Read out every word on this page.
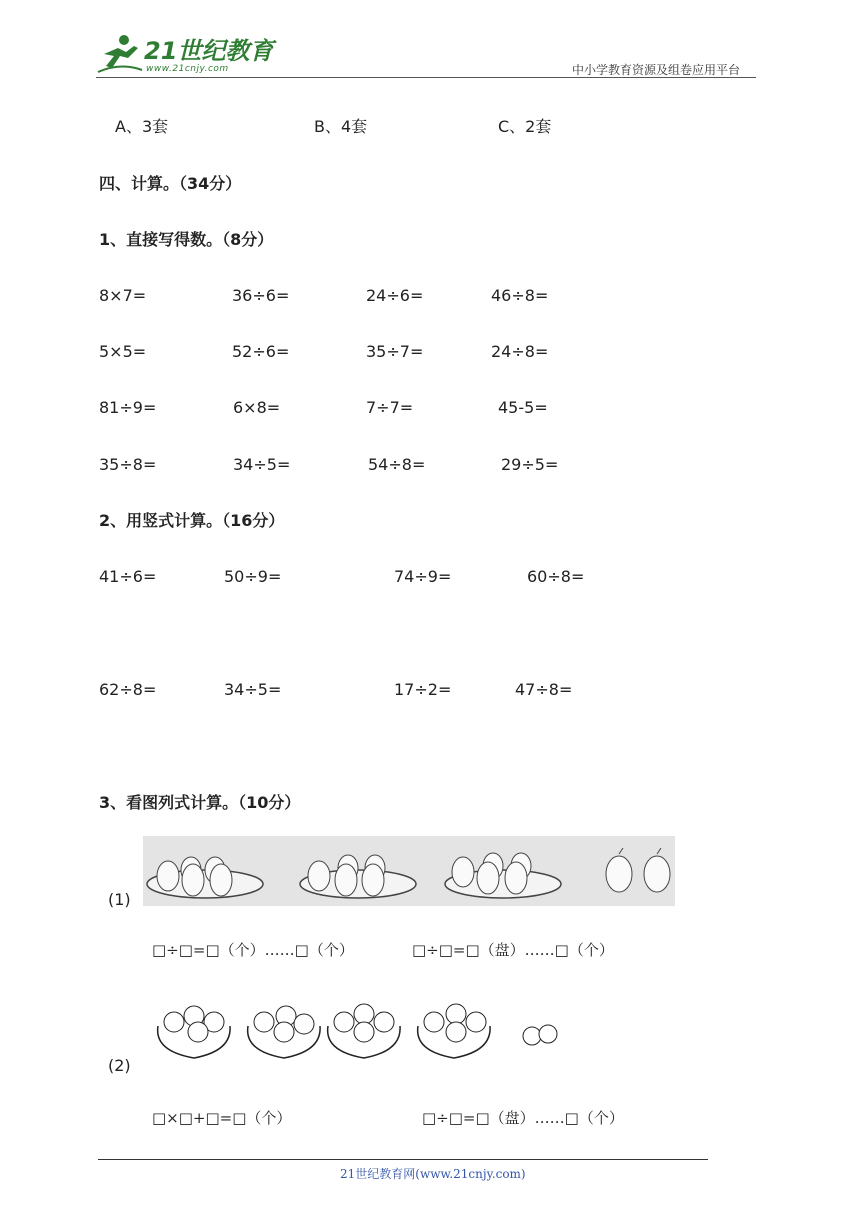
21世纪教育
www.21cnjy.com	中小学教育资源及组卷应用平台
A、3套	B、4套	C、2套
四、计算。（34分）
1、直接写得数。（8分）
8×7=	36÷6=	24÷6=	46÷8=
5×5=	52÷6=	35÷7=	24÷8=
81÷9=	6×8=	7÷7=	45-5=
35÷8=	34÷5=	54÷8=	29÷5=
2、用竖式计算。（16分）
41÷6=	50÷9=	74÷9=	60÷8=
62÷8=	34÷5=	17÷2=	47÷8=
3、看图列式计算。（10分）
(1)
□÷□=□（个）……□（个）	□÷□=□（盘）……□（个）
(2)
□×□+□=□（个）	□÷□=□（盘）……□（个）
21世纪教育网(www.21cnjy.com)
